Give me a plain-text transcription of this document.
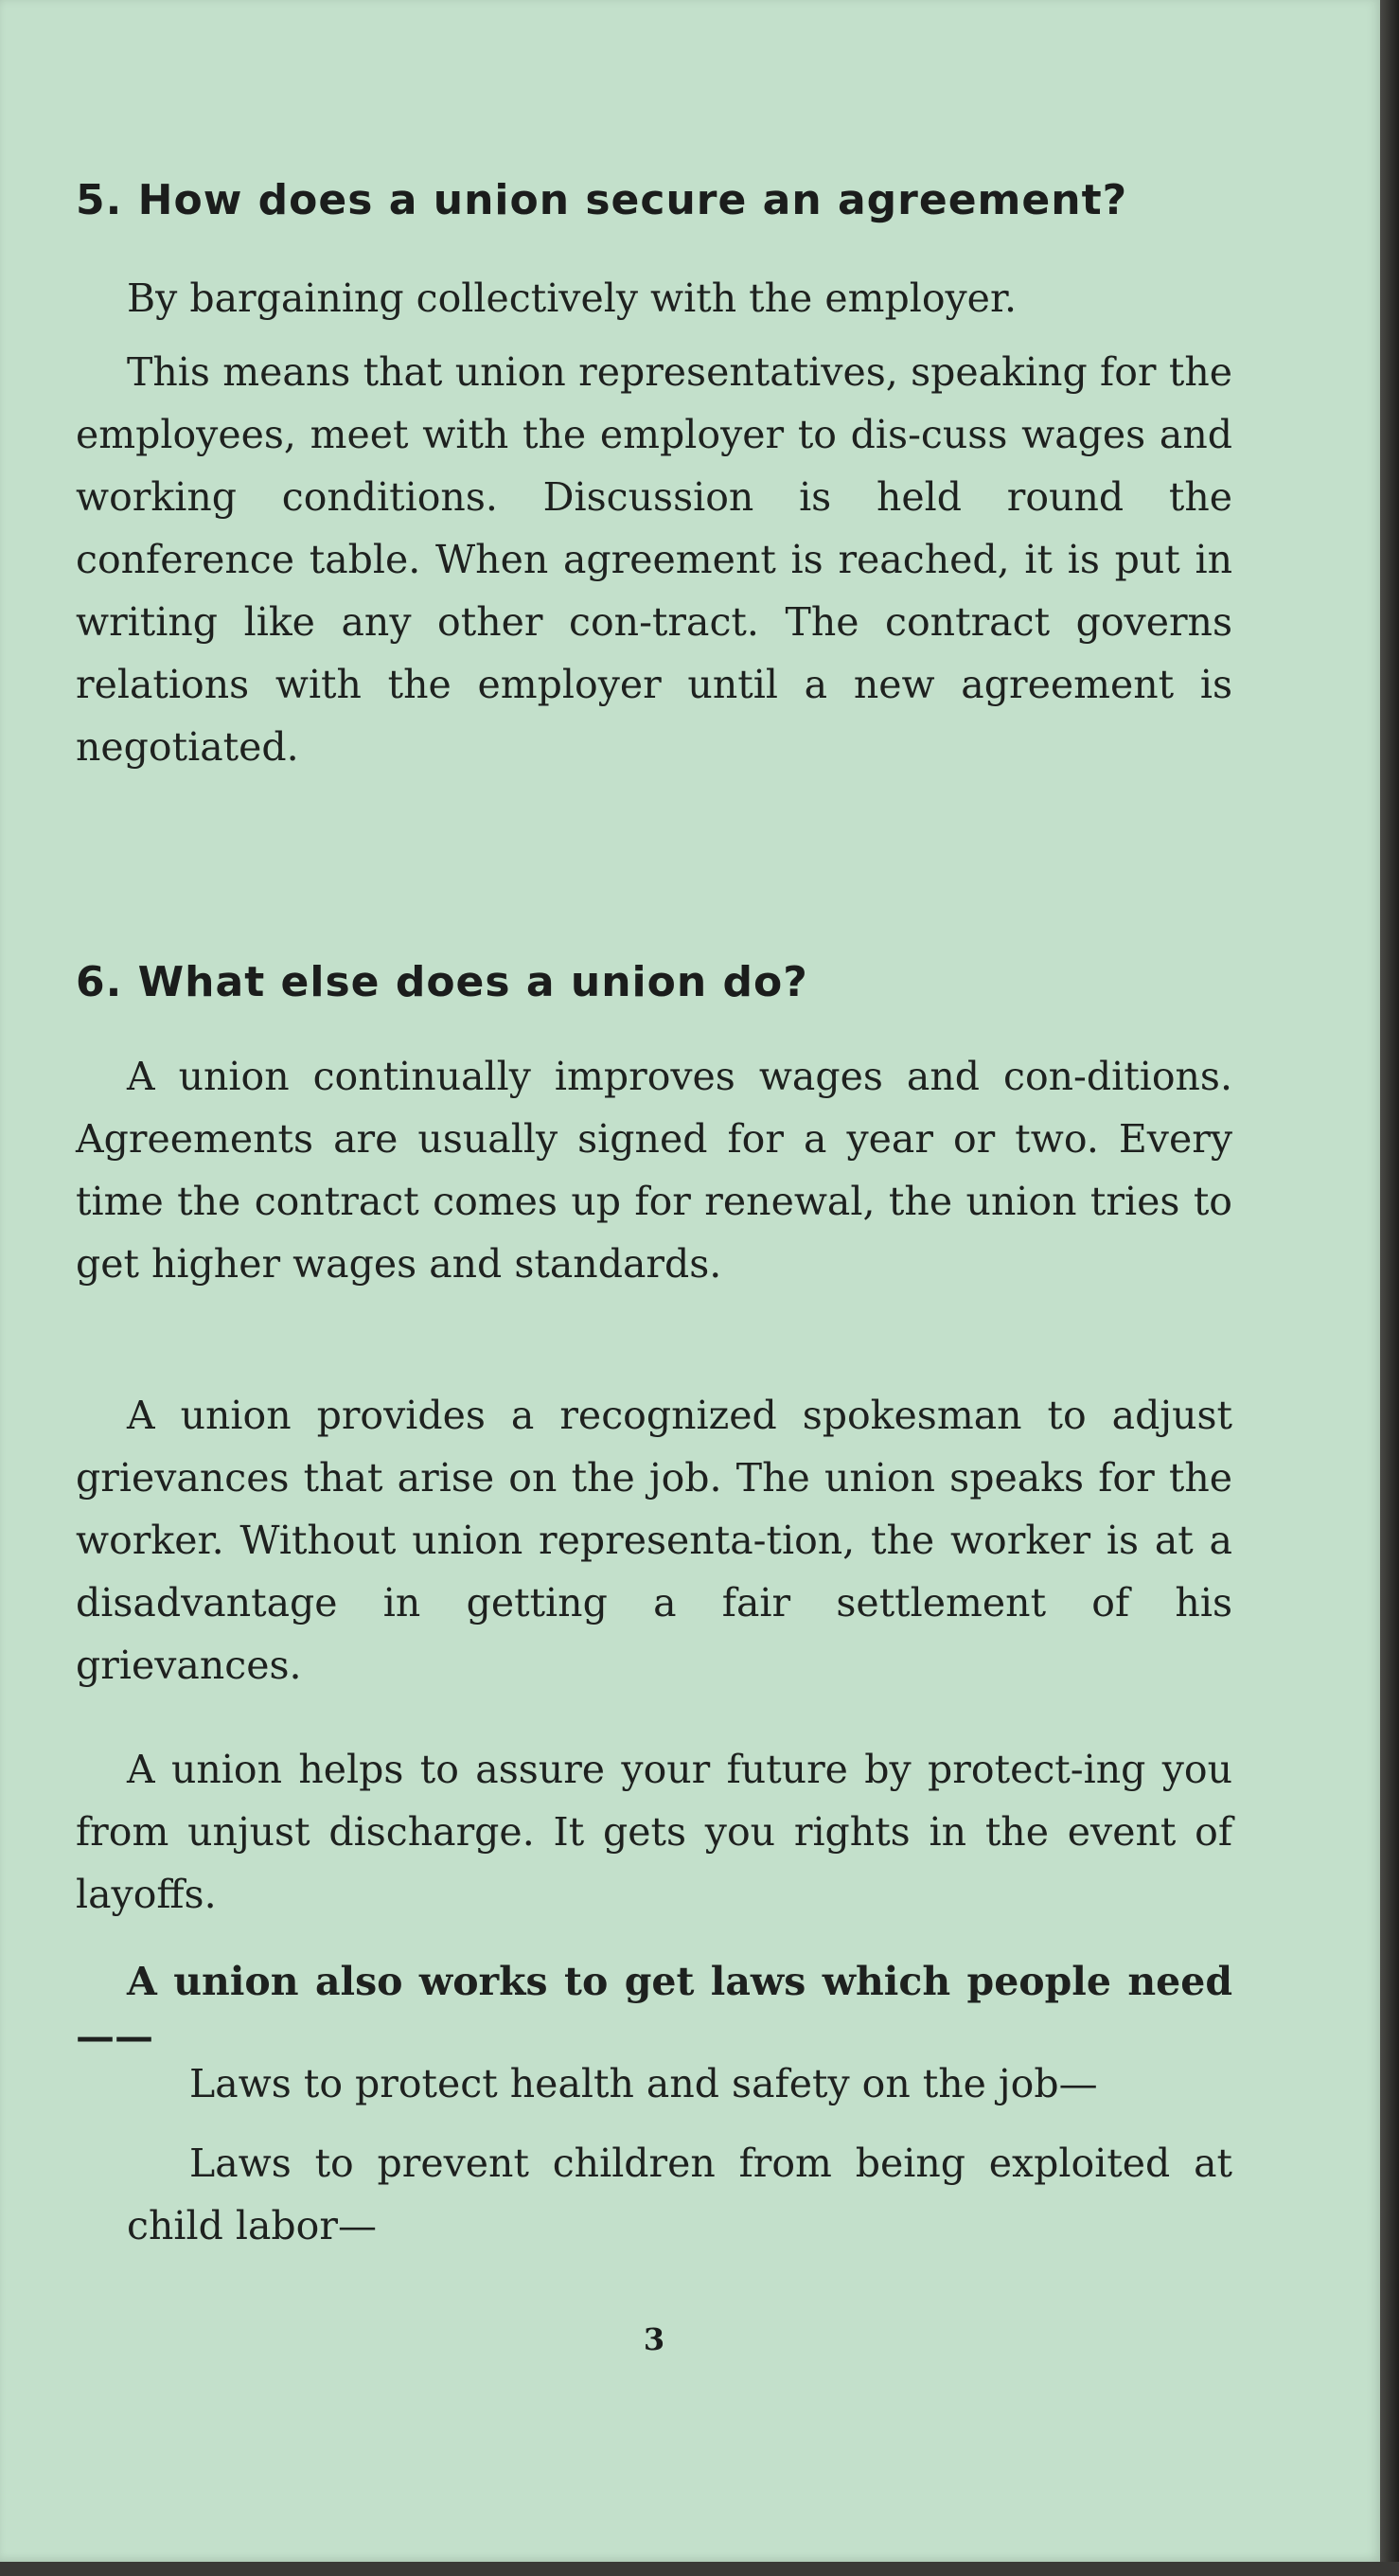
5. How does a union secure an agreement?

By bargaining collectively with the employer.

This means that union representatives, speaking for the employees, meet with the employer to dis-cuss wages and working conditions. Discussion is held round the conference table. When agreement is reached, it is put in writing like any other con-tract. The contract governs relations with the employer until a new agreement is negotiated.

6. What else does a union do?

A union continually improves wages and con-ditions. Agreements are usually signed for a year or two. Every time the contract comes up for renewal, the union tries to get higher wages and standards.

A union provides a recognized spokesman to adjust grievances that arise on the job. The union speaks for the worker. Without union representa-tion, the worker is at a disadvantage in getting a fair settlement of his grievances.

A union helps to assure your future by protect-ing you from unjust discharge. It gets you rights in the event of layoffs.

A union also works to get laws which people need——

Laws to protect health and safety on the job—

Laws to prevent children from being exploited at child labor—

3
